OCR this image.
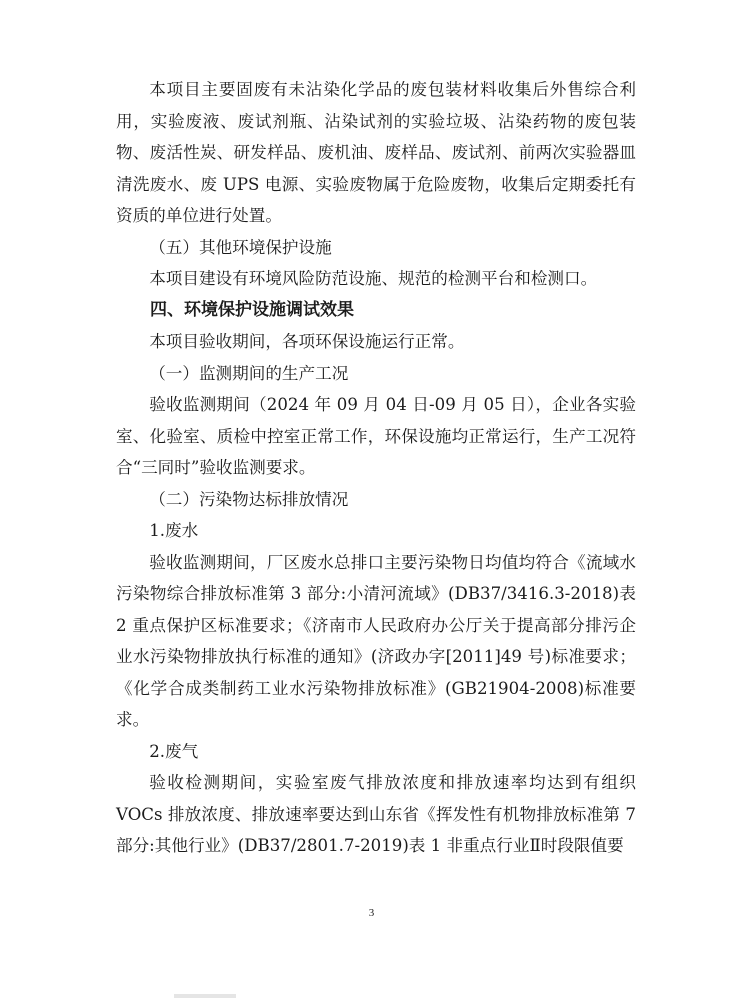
本项目主要固废有未沾染化学品的废包装材料收集后外售综合利用，实验废液、废试剂瓶、沾染试剂的实验垃圾、沾染药物的废包装物、废活性炭、研发样品、废机油、废样品、废试剂、前两次实验器皿清洗废水、废 UPS 电源、实验废物属于危险废物，收集后定期委托有资质的单位进行处置。

（五）其他环境保护设施

本项目建设有环境风险防范设施、规范的检测平台和检测口。

四、环境保护设施调试效果

本项目验收期间，各项环保设施运行正常。

（一）监测期间的生产工况

验收监测期间（2024 年 09 月 04 日-09 月 05 日），企业各实验室、化验室、质检中控室正常工作，环保设施均正常运行，生产工况符合“三同时”验收监测要求。

（二）污染物达标排放情况

1.废水

验收监测期间，厂区废水总排口主要污染物日均值均符合《流域水污染物综合排放标准第 3 部分:小清河流域》(DB37/3416.3-2018)表 2 重点保护区标准要求；《济南市人民政府办公厅关于提高部分排污企业水污染物排放执行标准的通知》(济政办字[2011]49 号)标准要求；《化学合成类制药工业水污染物排放标准》(GB21904-2008)标准要求。

2.废气

验收检测期间，实验室废气排放浓度和排放速率均达到有组织 VOCs 排放浓度、排放速率要达到山东省《挥发性有机物排放标准第 7 部分:其他行业》(DB37/2801.7-2019)表 1 非重点行业Ⅱ时段限值要

3
